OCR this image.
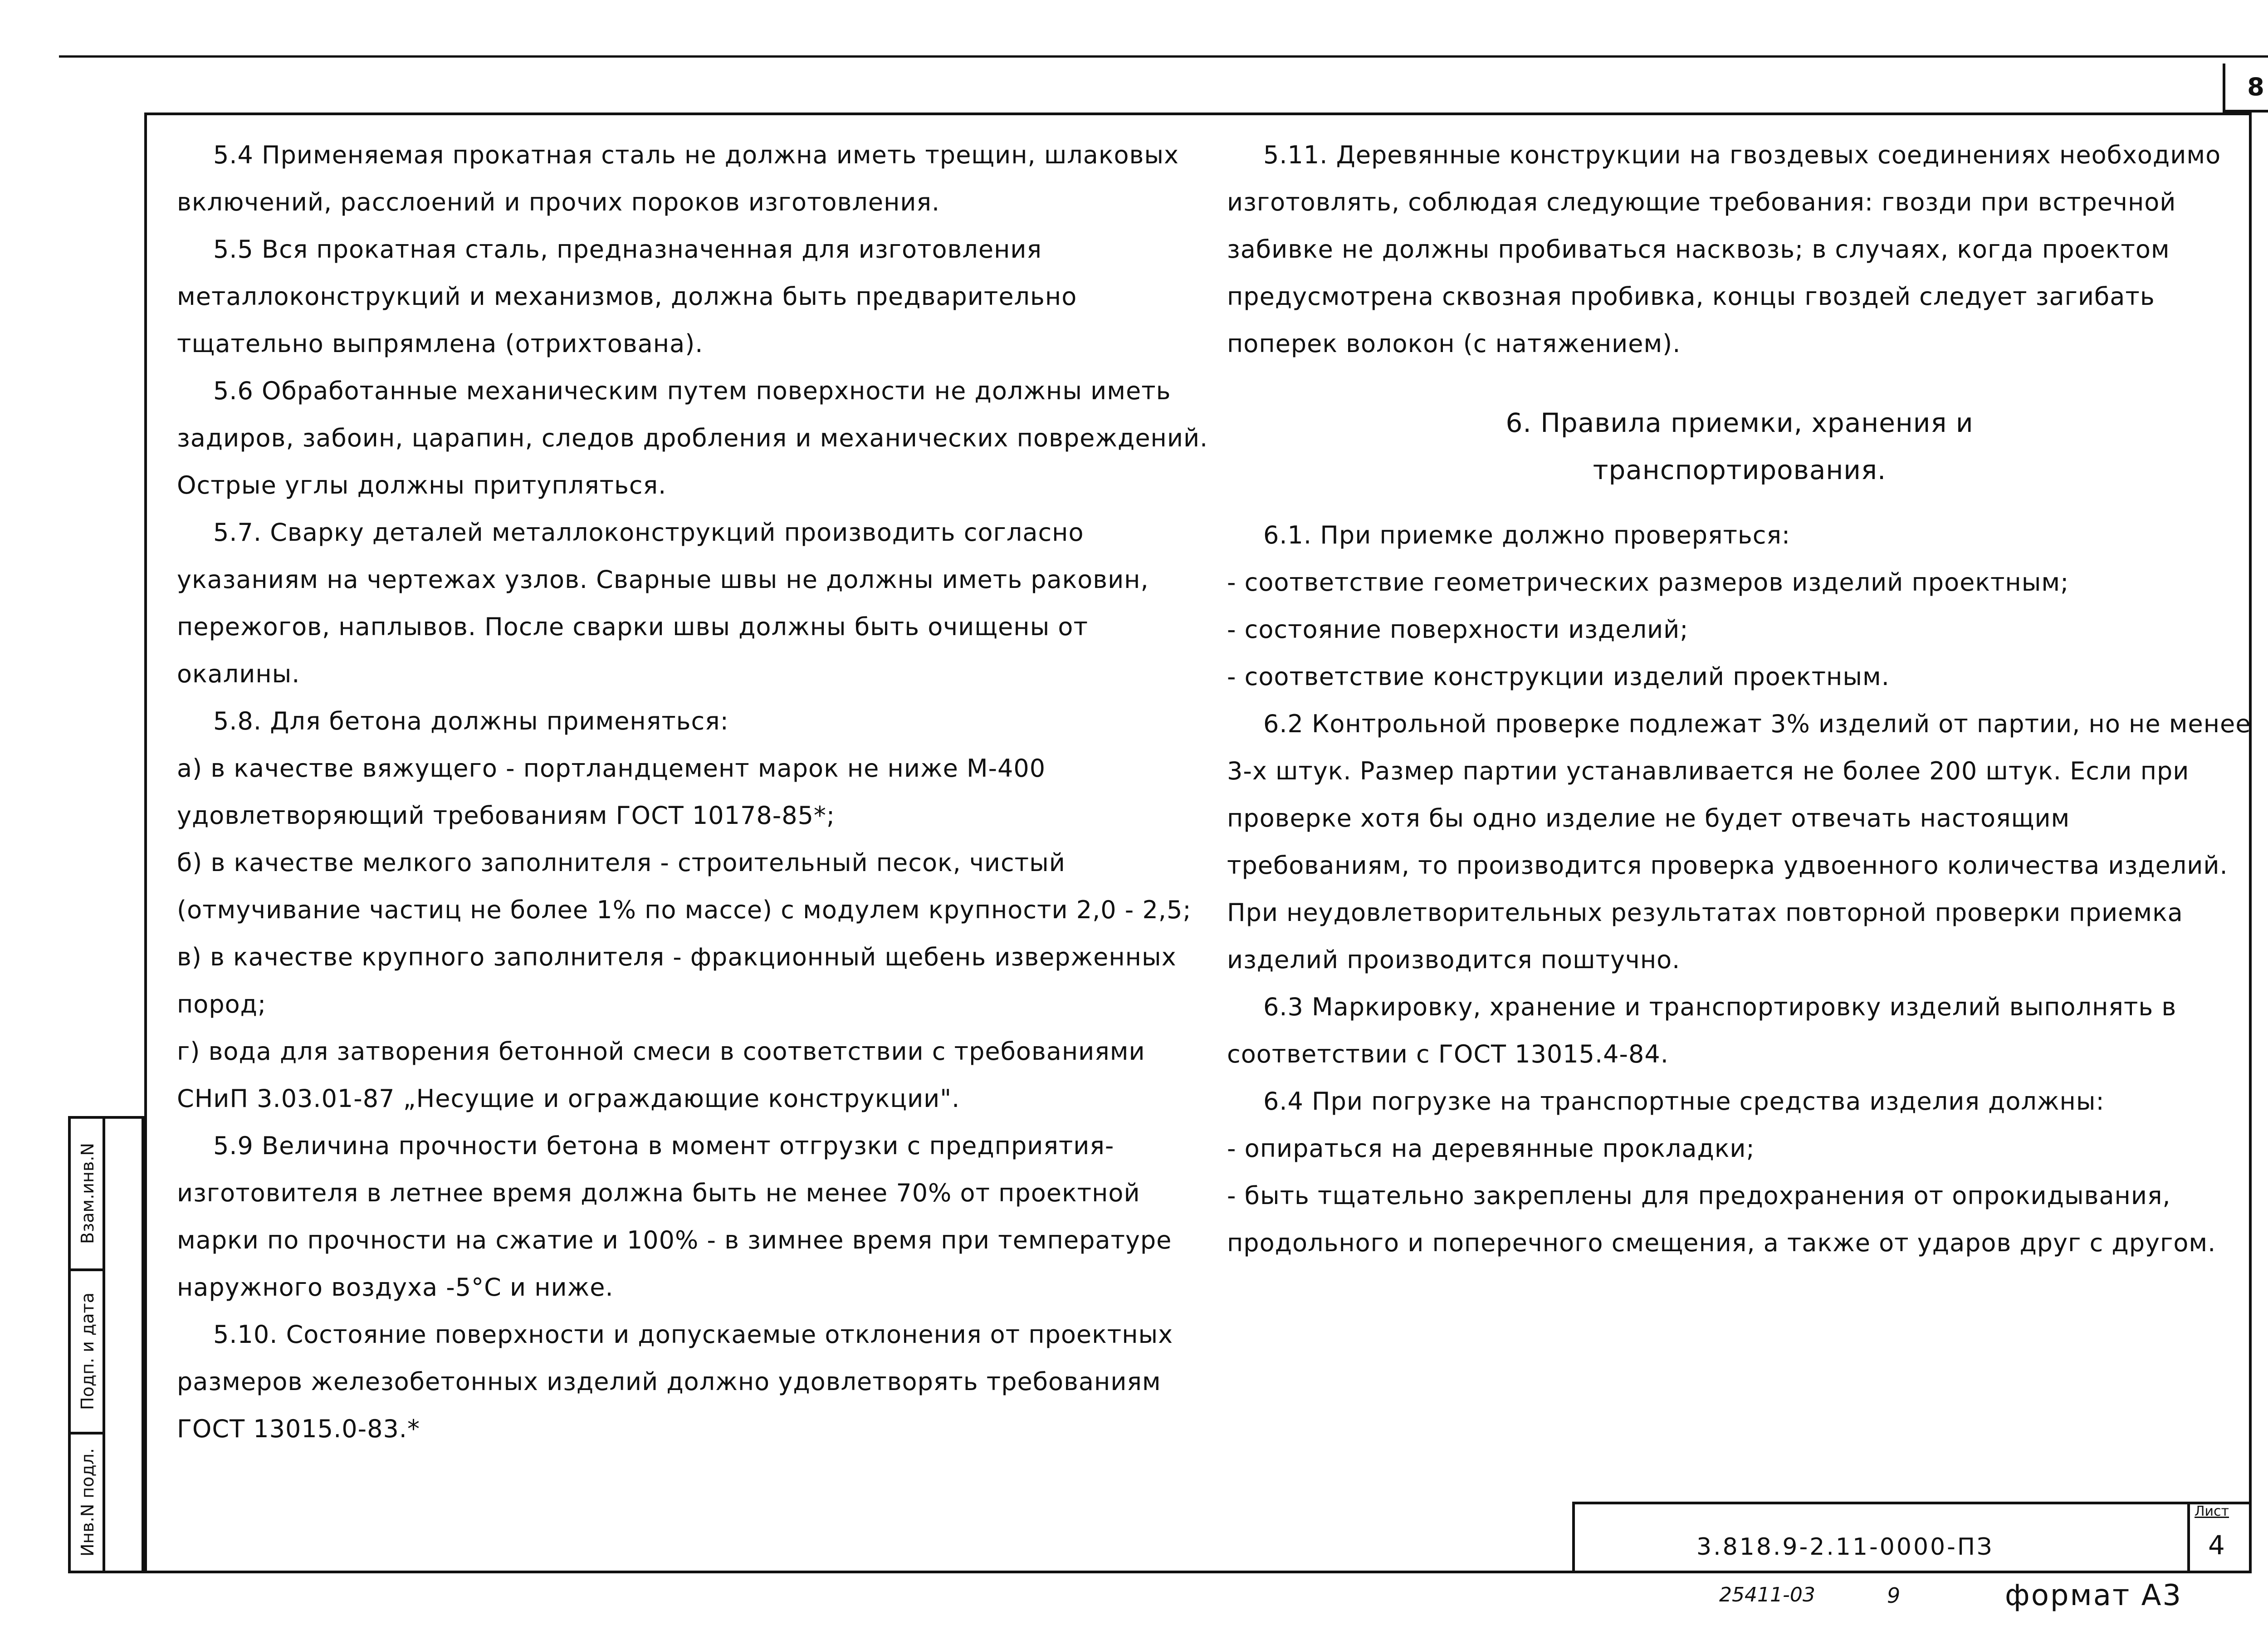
8

5.4 Применяемая прокатная сталь не должна иметь трещин, шлаковых включений, расслоений и прочих пороков изготовления.

5.5 Вся прокатная сталь, предназначенная для изготовления металлоконструкций и механизмов, должна быть предварительно тщательно выпрямлена (отрихтована).

5.6 Обработанные механическим путем поверхности не должны иметь задиров, забоин, царапин, следов дробления и механических повреждений. Острые углы должны притупляться.

5.7. Сварку деталей металлоконструкций производить согласно указаниям на чертежах узлов. Сварные швы не должны иметь раковин, пережогов, наплывов. После сварки швы должны быть очищены от окалины.

5.8. Для бетона должны применяться:

а) в качестве вяжущего - портландцемент марок не ниже М-400 удовлетворяющий требованиям ГОСТ 10178-85*;

б) в качестве мелкого заполнителя - строительный песок, чистый (отмучивание частиц не более 1% по массе) с модулем крупности 2,0 - 2,5;

в) в качестве крупного заполнителя - фракционный щебень изверженных пород;

г) вода для затворения бетонной смеси в соответствии с требованиями СНиП 3.03.01-87 „Несущие и ограждающие конструкции".

5.9 Величина прочности бетона в момент отгрузки с предприятия-изготовителя в летнее время должна быть не менее 70% от проектной марки по прочности на сжатие и 100% - в зимнее время при температуре наружного воздуха -5°С и ниже.

5.10. Состояние поверхности и допускаемые отклонения от проектных размеров железобетонных изделий должно удовлетворять требованиям ГОСТ 13015.0-83.*

5.11. Деревянные конструкции на гвоздевых соединениях необходимо изготовлять, соблюдая следующие требования: гвозди при встречной забивке не должны пробиваться насквозь; в случаях, когда проектом предусмотрена сквозная пробивка, концы гвоздей следует загибать поперек волокон (с натяжением).

6. Правила приемки, хранения и
транспортирования.

6.1. При приемке должно проверяться:

- соответствие геометрических размеров изделий проектным;

- состояние поверхности изделий;

- соответствие конструкции изделий проектным.

6.2 Контрольной проверке подлежат 3% изделий от партии, но не менее 3-х штук. Размер партии устанавливается не более 200 штук. Если при проверке хотя бы одно изделие не будет отвечать настоящим требованиям, то производится проверка удвоенного количества изделий. При неудовлетворительных результатах повторной проверки приемка изделий производится поштучно.

6.3 Маркировку, хранение и транспортировку изделий выполнять в соответствии с ГОСТ 13015.4-84.

6.4 При погрузке на транспортные средства изделия должны:

- опираться на деревянные прокладки;

- быть тщательно закреплены для предохранения от опрокидывания, продольного и поперечного смещения, а также от ударов друг с другом.

Взам.инв.N
Подп. и дата
Инв.N подл.	3.818.9-2.11-0000-ПЗ
Лист
4
25411-03	9	формат А3
